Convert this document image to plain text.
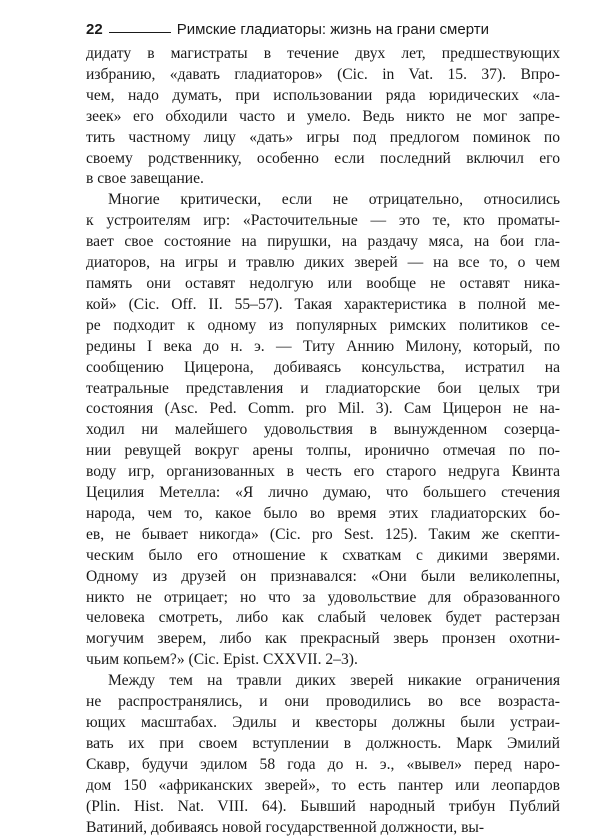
22	Римские гладиаторы: жизнь на грани смерти
дидату в магистраты в течение двух лет, предшествующих
избранию, «давать гладиаторов» (Cic. in Vat. 15. 37). Впро-
чем, надо думать, при использовании ряда юридических «ла-
зеек» его обходили часто и умело. Ведь никто не мог запре-
тить частному лицу «дать» игры под предлогом поминок по
своему родственнику, особенно если последний включил его
в свое завещание.
Многие критически, если не отрицательно, относились
к устроителям игр: «Расточительные — это те, кто проматы-
вает свое состояние на пирушки, на раздачу мяса, на бои гла-
диаторов, на игры и травлю диких зверей — на все то, о чем
память они оставят недолгую или вообще не оставят ника-
кой» (Cic. Off. II. 55–57). Такая характеристика в полной ме-
ре подходит к одному из популярных римских политиков се-
редины I века до н. э. — Титу Аннию Милону, который, по
сообщению Цицерона, добиваясь консульства, истратил на
театральные представления и гладиаторские бои целых три
состояния (Asc. Ped. Comm. pro Mil. 3). Сам Цицерон не на-
ходил ни малейшего удовольствия в вынужденном созерца-
нии ревущей вокруг арены толпы, иронично отмечая по по-
воду игр, организованных в честь его старого недруга Квинта
Цецилия Метелла: «Я лично думаю, что большего стечения
народа, чем то, какое было во время этих гладиаторских бо-
ев, не бывает никогда» (Cic. pro Sest. 125). Таким же скепти-
ческим было его отношение к схваткам с дикими зверями.
Одному из друзей он признавался: «Они были великолепны,
никто не отрицает; но что за удовольствие для образованного
человека смотреть, либо как слабый человек будет растерзан
могучим зверем, либо как прекрасный зверь пронзен охотни-
чьим копьем?» (Cic. Epist. CXXVII. 2–3).
Между тем на травли диких зверей никакие ограничения
не распространялись, и они проводились во все возраста-
ющих масштабах. Эдилы и квесторы должны были устраи-
вать их при своем вступлении в должность. Марк Эмилий
Скавр, будучи эдилом 58 года до н. э., «вывел» перед наро-
дом 150 «африканских зверей», то есть пантер или леопардов
(Plin. Hist. Nat. VIII. 64). Бывший народный трибун Публий
Ватиний, добиваясь новой государственной должности, вы-
